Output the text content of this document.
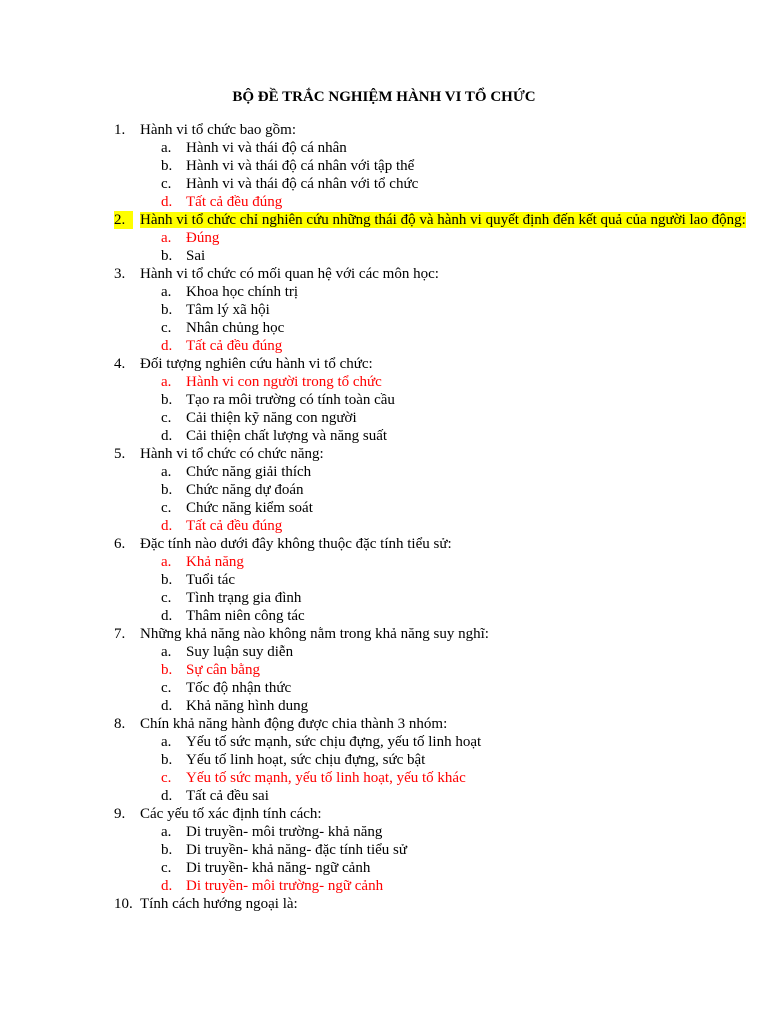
BỘ ĐỀ TRẮC NGHIỆM HÀNH VI TỔ CHỨC
1. Hành vi tổ chức bao gồm:
a. Hành vi và thái độ cá nhân
b. Hành vi và thái độ cá nhân với tập thể
c. Hành vi và thái độ cá nhân với tổ chức
d. Tất cả đều đúng
2. Hành vi tổ chức chỉ nghiên cứu những thái độ và hành vi quyết định đến kết quả của người lao động:
a. Đúng
b. Sai
3. Hành vi tổ chức có mối quan hệ với các môn học:
a. Khoa học chính trị
b. Tâm lý xã hội
c. Nhân chủng học
d. Tất cả đều đúng
4. Đối tượng nghiên cứu hành vi tổ chức:
a. Hành vi con người trong tổ chức
b. Tạo ra môi trường có tính toàn cầu
c. Cải thiện kỹ năng con người
d. Cải thiện chất lượng và năng suất
5. Hành vi tổ chức có chức năng:
a. Chức năng giải thích
b. Chức năng dự đoán
c. Chức năng kiểm soát
d. Tất cả đều đúng
6. Đặc tính nào dưới đây không thuộc đặc tính tiểu sử:
a. Khả năng
b. Tuổi tác
c. Tình trạng gia đình
d. Thâm niên công tác
7. Những khả năng nào không nằm trong khả năng suy nghĩ:
a. Suy luận suy diễn
b. Sự cân bằng
c. Tốc độ nhận thức
d. Khả năng hình dung
8. Chín khả năng hành động được chia thành 3 nhóm:
a. Yếu tố sức mạnh, sức chịu đựng, yếu tố linh hoạt
b. Yếu tố linh hoạt, sức chịu đựng, sức bật
c. Yếu tố sức mạnh, yếu tố linh hoạt, yếu tố khác
d. Tất cả đều sai
9. Các yếu tố xác định tính cách:
a. Di truyền- môi trường- khả năng
b. Di truyền- khả năng- đặc tính tiểu sử
c. Di truyền- khả năng- ngữ cảnh
d. Di truyền- môi trường- ngữ cảnh
10. Tính cách hướng ngoại là:
